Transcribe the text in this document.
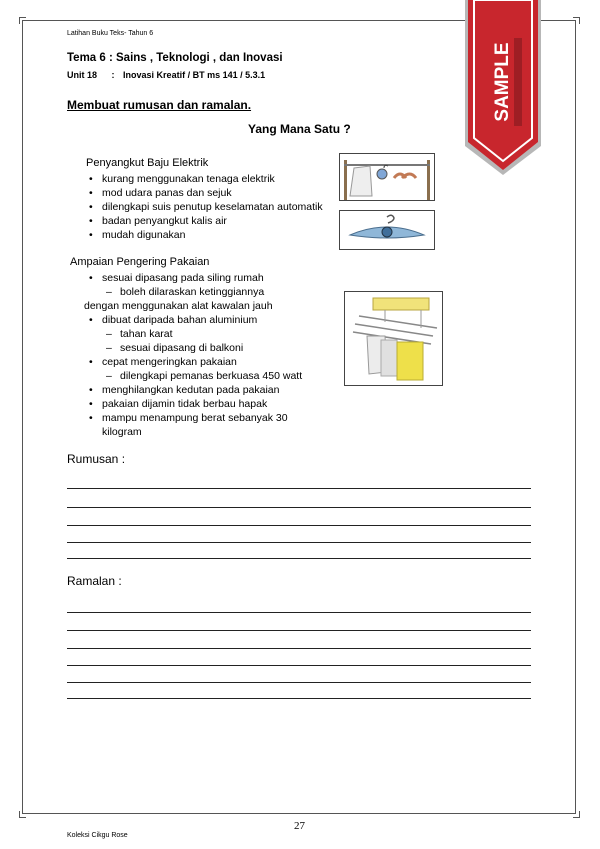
Latihan Buku Teks- Tahun 6
Tema 6 : Sains , Teknologi , dan Inovasi
Unit 18 : Inovasi Kreatif / BT ms 141 / 5.3.1
Membuat rumusan dan ramalan.
Yang Mana Satu ?
Penyangkut Baju Elektrik
• kurang menggunakan tenaga elektrik
• mod udara panas dan sejuk
• dilengkapi suis penutup keselamatan automatik
• badan penyangkut kalis air
• mudah digunakan
Ampaian Pengering Pakaian
• sesuai dipasang pada siling rumah
– boleh dilaraskan ketinggiannya
dengan menggunakan alat kawalan jauh
• dibuat daripada bahan aluminium
– tahan karat
– sesuai dipasang di balkoni
• cepat mengeringkan pakaian
– dilengkapi pemanas berkuasa 450 watt
• menghilangkan kedutan pada pakaian
• pakaian dijamin tidak berbau hapak
• mampu menampung berat sebanyak 30
kilogram
Rumusan :
Ramalan :
27
Koleksi Cikgu Rose
SAMPLE
